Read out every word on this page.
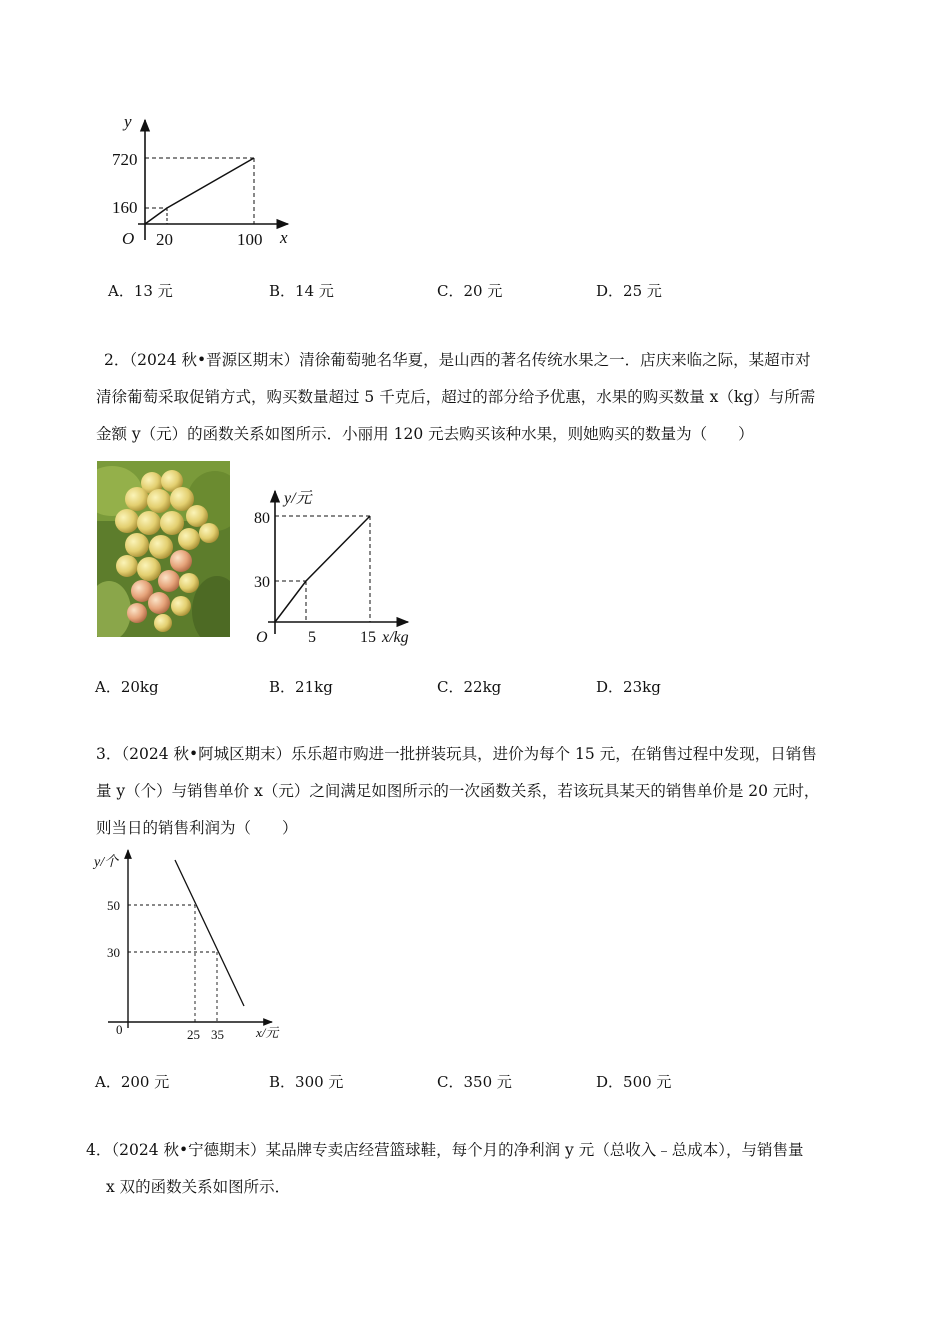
y
720
160
O 20	100 x
A．13 元	B．14 元	C．20 元	D．25 元
2．（2024 秋•晋源区期末）清徐葡萄驰名华夏，是山西的著名传统水果之一．店庆来临之际，某超市对
清徐葡萄采取促销方式，购买数量超过 5 千克后，超过的部分给予优惠，水果的购买数量 x（kg）与所需
金额 y（元）的函数关系如图所示．小丽用 120 元去购买该种水果，则她购买的数量为（　　）
y/元
80
30
O	5	15 x/kg
A．20kg	B．21kg	C．22kg	D．23kg
3．（2024 秋•阿城区期末）乐乐超市购进一批拼装玩具，进价为每个 15 元，在销售过程中发现，日销售
量 y（个）与销售单价 x（元）之间满足如图所示的一次函数关系，若该玩具某天的销售单价是 20 元时，
则当日的销售利润为（　　）
y/个
50
30
0	25 35 x/元
A．200 元	B．300 元	C．350 元	D．500 元
4．（2024 秋•宁德期末）某品牌专卖店经营篮球鞋，每个月的净利润 y 元（总收入﹣总成本），与销售量
x 双的函数关系如图所示．
